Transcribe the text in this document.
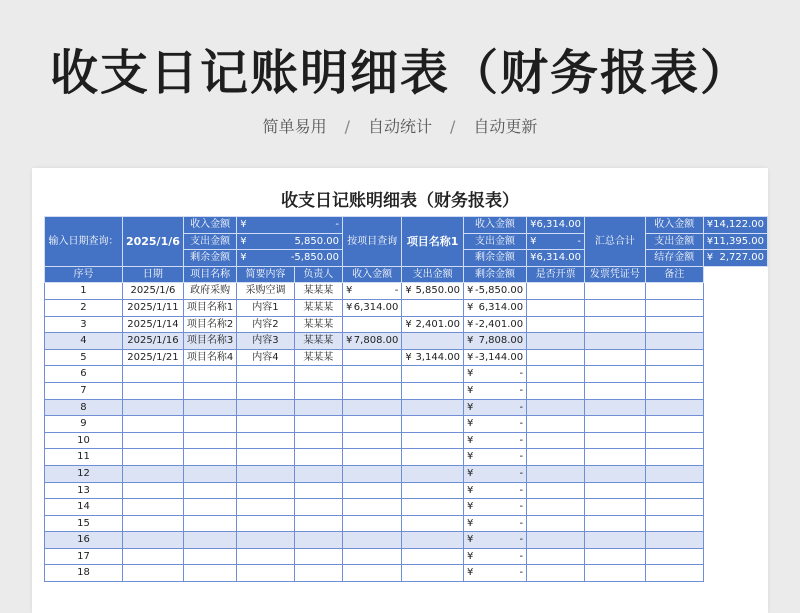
收支日记账明细表（财务报表）
简单易用 / 自动统计 / 自动更新
收支日记账明细表（财务报表）
输入日期查询：	2025/1/6	收入金额	¥ -		按项目查询	项目名称1	收入金额	¥ 6,314.00	汇总合计	收入金额	¥ 14,122.00

		支出金额	¥ 5,850.00				支出金额	¥ -		支出金额	¥ 11,395.00

		剩余金额	¥ -5,850.00				剩余金额	¥ 6,314.00		结存金额	¥ 2,727.00

序号	日期	项目名称	简要内容	负责人	收入金额	支出金额	剩余金额	是否开票	发票凭证号	备注	
1	2025/1/6	政府采购	采购空调	某某某	¥ -	¥ 5,850.00	¥ -5,850.00				

2	2025/1/11	项目名称1	内容1	某某某	¥ 6,314.00		¥ 6,314.00				

3	2025/1/14	项目名称2	内容2	某某某		¥ 2,401.00	¥ -2,401.00				

4	2025/1/16	项目名称3	内容3	某某某	¥ 7,808.00		¥ 7,808.00				

5	2025/1/21	项目名称4	内容4	某某某		¥ 3,144.00	¥ -3,144.00				

6							¥ -				

7							¥ -				

8							¥ -				

9							¥ -				

10							¥ -				

11							¥ -				

12							¥ -				

13							¥ -				

14							¥ -				

15							¥ -				

16							¥ -				

17							¥ -				

18							¥ -				
